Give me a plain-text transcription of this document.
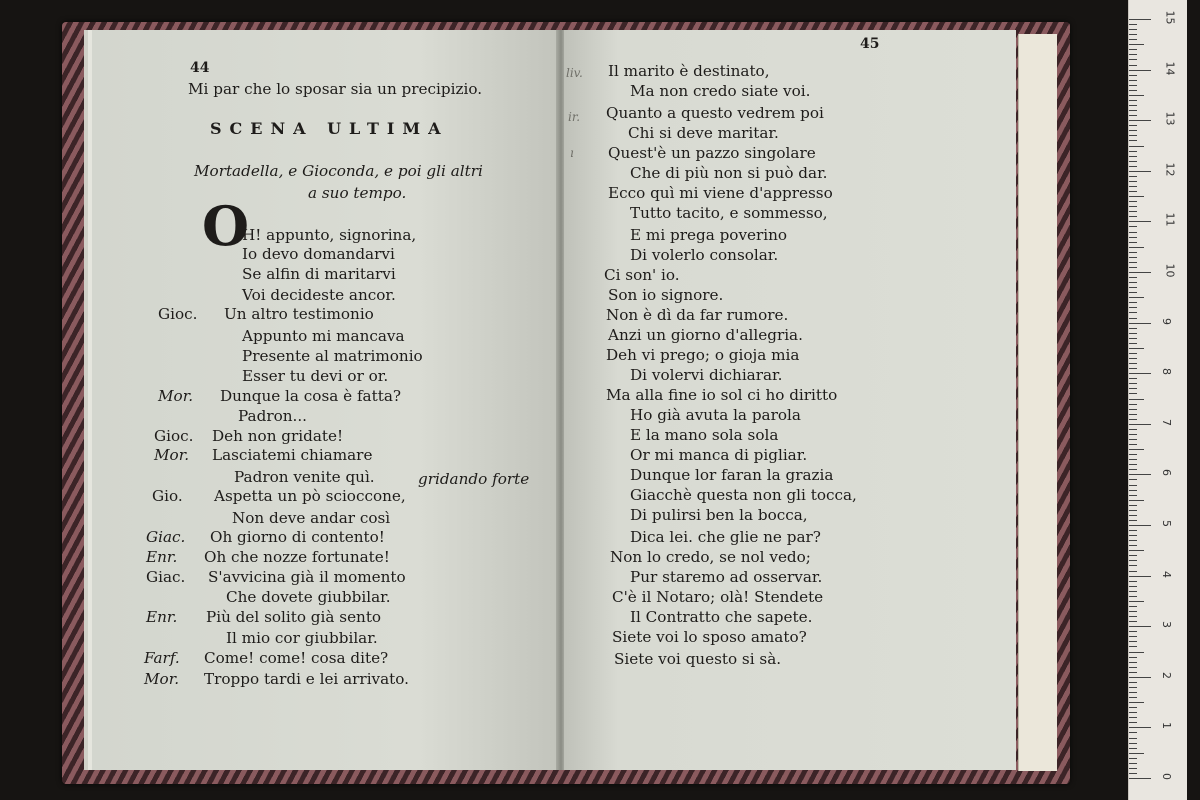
44
Mi par che lo sposar sia un precipizio.
SCENA ULTIMA
Mortadella, e Gioconda, e poi gli altri
a suo tempo.
O
H! appunto, signorina,
Io devo domandarvi
Se alfin di maritarvi
Voi decideste ancor.
Gioc. Un altro testimonio
Appunto mi mancava
Presente al matrimonio
Esser tu devi or or.
Mor. Dunque la cosa è fatta?
Padron...
Gioc. Deh non gridate!
Mor. Lasciatemi chiamare
Padron venite quì.	gridando forte
Gio. Aspetta un pò scioccone,
Non deve andar così
Giac. Oh giorno di contento!
Enr. Oh che nozze fortunate!
Giac. S'avvicina già il momento
Che dovete giubbilar.
Enr. Più del solito già sento
Il mio cor giubbilar.
Farf. Come! come! cosa dite?
Mor. Troppo tardi e lei arrivato.
45
liv.
ir.
ı
Il marito è destinato,
Ma non credo siate voi.
Quanto a questo vedrem poi
Chi si deve maritar.
Quest'è un pazzo singolare
Che di più non si può dar.
Ecco quì mi viene d'appresso
Tutto tacito, e sommesso,
E mi prega poverino
Di volerlo consolar.
Ci son' io.
Son io signore.
Non è dì da far rumore.
Anzi un giorno d'allegria.
Deh vi prego; o gioja mia
Di volervi dichiarar.
Ma alla fine io sol ci ho diritto
Ho già avuta la parola
E la mano sola sola
Or mi manca di pigliar.
Dunque lor faran la grazia
Giacchè questa non gli tocca,
Di pulirsi ben la bocca,
Dica lei. che glie ne par?
Non lo credo, se nol vedo;
Pur staremo ad osservar.
C'è il Notaro; olà! Stendete
Il Contratto che sapete.
Siete voi lo sposo amato?
Siete voi questo si sà.
0
1
2
3
4
5
6
7
8
9
10
11
12
13
14
15
